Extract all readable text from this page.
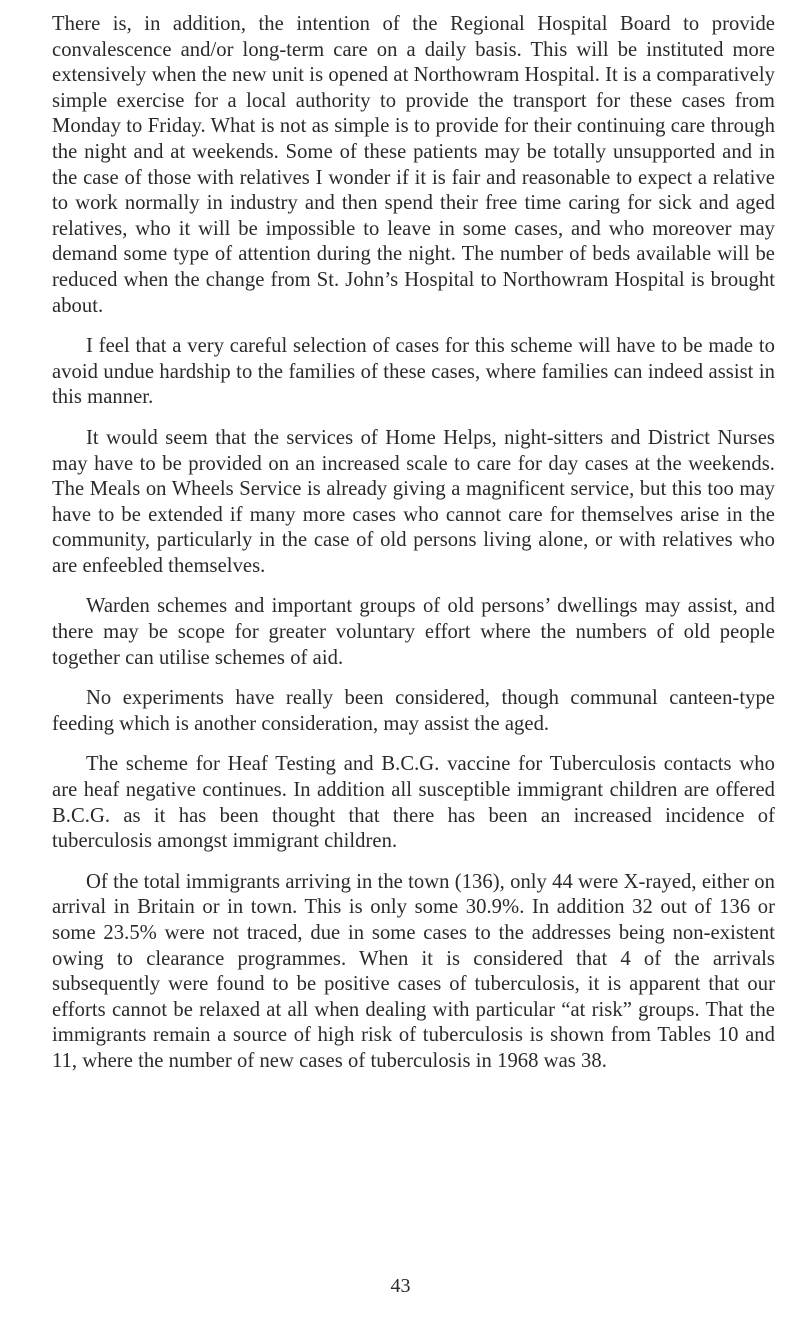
There is, in addition, the intention of the Regional Hospital Board to provide convalescence and/or long-term care on a daily basis. This will be instituted more extensively when the new unit is opened at Northowram Hospital. It is a comparatively simple exercise for a local authority to provide the transport for these cases from Monday to Friday. What is not as simple is to provide for their continuing care through the night and at weekends. Some of these patients may be totally unsupported and in the case of those with relatives I wonder if it is fair and reasonable to expect a relative to work normally in industry and then spend their free time caring for sick and aged relatives, who it will be impossible to leave in some cases, and who moreover may demand some type of attention during the night. The number of beds available will be reduced when the change from St. John’s Hospital to Northowram Hospital is brought about.

I feel that a very careful selection of cases for this scheme will have to be made to avoid undue hardship to the families of these cases, where families can indeed assist in this manner.

It would seem that the services of Home Helps, night-sitters and District Nurses may have to be provided on an increased scale to care for day cases at the weekends. The Meals on Wheels Service is already giving a magnificent service, but this too may have to be extended if many more cases who cannot care for themselves arise in the community, particularly in the case of old persons living alone, or with relatives who are enfeebled themselves.

Warden schemes and important groups of old persons’ dwellings may assist, and there may be scope for greater voluntary effort where the numbers of old people together can utilise schemes of aid.

No experiments have really been considered, though communal canteen-type feeding which is another consideration, may assist the aged.

The scheme for Heaf Testing and B.C.G. vaccine for Tuberculosis contacts who are heaf negative continues. In addition all susceptible immigrant children are offered B.C.G. as it has been thought that there has been an increased incidence of tuberculosis amongst immigrant children.

Of the total immigrants arriving in the town (136), only 44 were X-rayed, either on arrival in Britain or in town. This is only some 30.9%. In addition 32 out of 136 or some 23.5% were not traced, due in some cases to the addresses being non-existent owing to clearance programmes. When it is considered that 4 of the arrivals subsequently were found to be positive cases of tuberculosis, it is apparent that our efforts cannot be relaxed at all when dealing with particular “at risk” groups. That the immigrants remain a source of high risk of tuberculosis is shown from Tables 10 and 11, where the number of new cases of tuberculosis in 1968 was 38.

43
